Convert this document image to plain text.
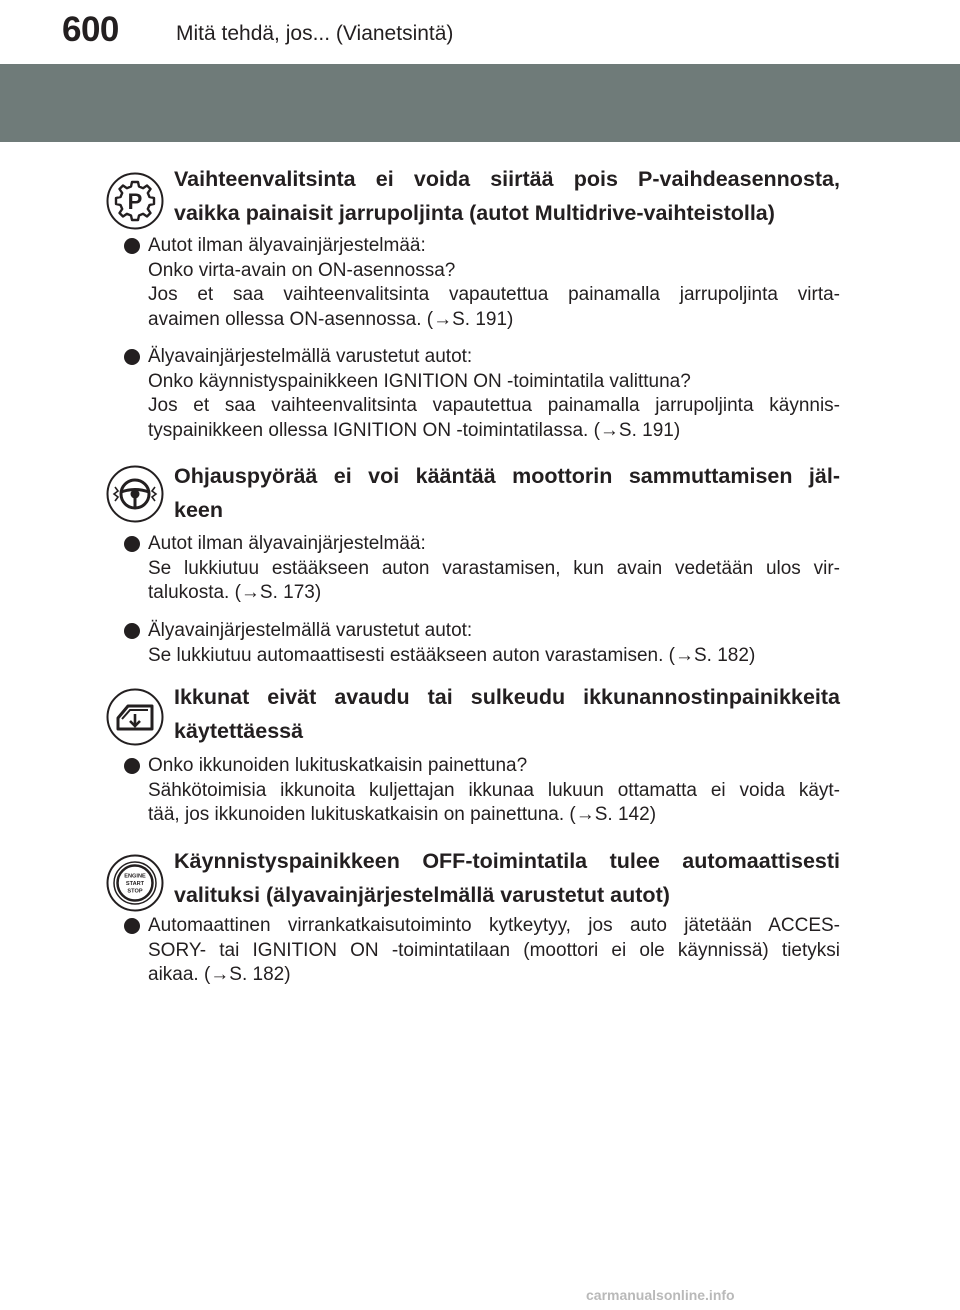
600	Mitä tehdä, jos... (Vianetsintä)
P
Vaihteenvalitsinta ei voida siirtää pois P-vaihdeasennosta, vaikka painaisit jarrupoljinta (autot Multidrive-vaihteistolla)
Autot ilman älyavainjärjestelmää:
Onko virta-avain on ON-asennossa?
Jos et saa vaihteenvalitsinta vapautettua painamalla jarrupoljinta virta-
avaimen ollessa ON-asennossa. (→S. 191)
Älyavainjärjestelmällä varustetut autot:
Onko käynnistyspainikkeen IGNITION ON -toimintatila valittuna?
Jos et saa vaihteenvalitsinta vapautettua painamalla jarrupoljinta käynnis-
tyspainikkeen ollessa IGNITION ON -toimintatilassa. (→S. 191)
Ohjauspyörää ei voi kääntää moottorin sammuttamisen jäl-
keen
Autot ilman älyavainjärjestelmää:
Se lukkiutuu estääkseen auton varastamisen, kun avain vedetään ulos vir-
talukosta. (→S. 173)
Älyavainjärjestelmällä varustetut autot:
Se lukkiutuu automaattisesti estääkseen auton varastamisen. (→S. 182)
Ikkunat eivät avaudu tai sulkeudu ikkunannostinpainikkeita käytettäessä
Onko ikkunoiden lukituskatkaisin painettuna?
Sähkötoimisia ikkunoita kuljettajan ikkunaa lukuun ottamatta ei voida käyt-
tää, jos ikkunoiden lukituskatkaisin on painettuna. (→S. 142)
ENGINE
START
STOP
Käynnistyspainikkeen OFF-toimintatila tulee automaattisesti valituksi (älyavainjärjestelmällä varustetut autot)
Automaattinen virrankatkaisutoiminto kytkeytyy, jos auto jätetään ACCES-
SORY- tai IGNITION ON -toimintatilaan (moottori ei ole käynnissä) tietyksi
aikaa. (→S. 182)
carmanualsonline.info
